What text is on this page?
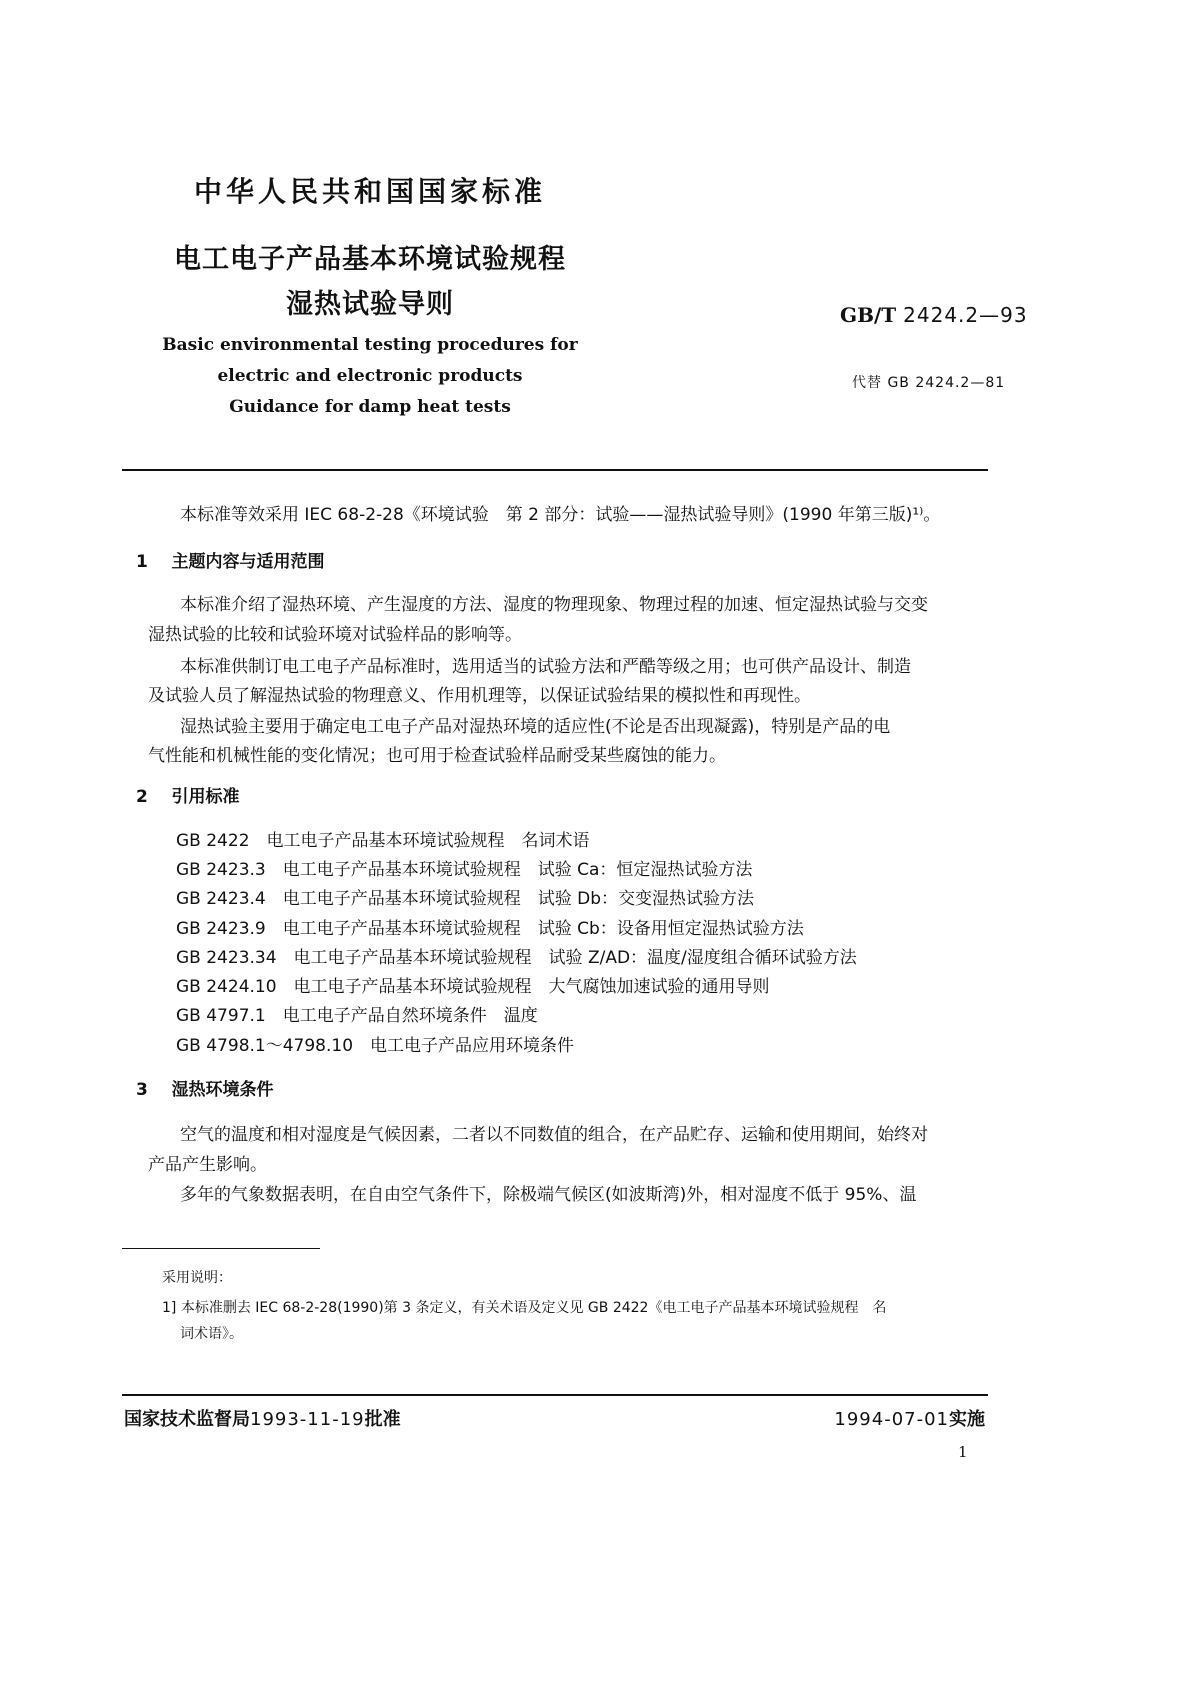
中华人民共和国国家标准
电工电子产品基本环境试验规程
湿热试验导则	GB/T 2424.2—93
代替 GB 2424.2—81
Basic environmental testing procedures for
electric and electronic products
Guidance for damp heat tests
本标准等效采用 IEC 68-2-28《环境试验　第 2 部分：试验——湿热试验导则》(1990 年第三版)¹⁾。
1 主题内容与适用范围
本标准介绍了湿热环境、产生湿度的方法、湿度的物理现象、物理过程的加速、恒定湿热试验与交变
湿热试验的比较和试验环境对试验样品的影响等。
本标准供制订电工电子产品标准时，选用适当的试验方法和严酷等级之用；也可供产品设计、制造
及试验人员了解湿热试验的物理意义、作用机理等，以保证试验结果的模拟性和再现性。
湿热试验主要用于确定电工电子产品对湿热环境的适应性(不论是否出现凝露)，特别是产品的电
气性能和机械性能的变化情况；也可用于检查试验样品耐受某些腐蚀的能力。
2 引用标准
GB 2422　电工电子产品基本环境试验规程　名词术语
GB 2423.3　电工电子产品基本环境试验规程　试验 Ca：恒定湿热试验方法
GB 2423.4　电工电子产品基本环境试验规程　试验 Db：交变湿热试验方法
GB 2423.9　电工电子产品基本环境试验规程　试验 Cb：设备用恒定湿热试验方法
GB 2423.34　电工电子产品基本环境试验规程　试验 Z/AD：温度/湿度组合循环试验方法
GB 2424.10　电工电子产品基本环境试验规程　大气腐蚀加速试验的通用导则
GB 4797.1　电工电子产品自然环境条件　温度
GB 4798.1～4798.10　电工电子产品应用环境条件
3 湿热环境条件
空气的温度和相对湿度是气候因素，二者以不同数值的组合，在产品贮存、运输和使用期间，始终对
产品产生影响。
多年的气象数据表明，在自由空气条件下，除极端气候区(如波斯湾)外，相对湿度不低于 95%、温
采用说明：
1] 本标准删去 IEC 68-2-28(1990)第 3 条定义，有关术语及定义见 GB 2422《电工电子产品基本环境试验规程　名
词术语》。
国家技术监督局1993-11-19批准	1994-07-01实施
1
